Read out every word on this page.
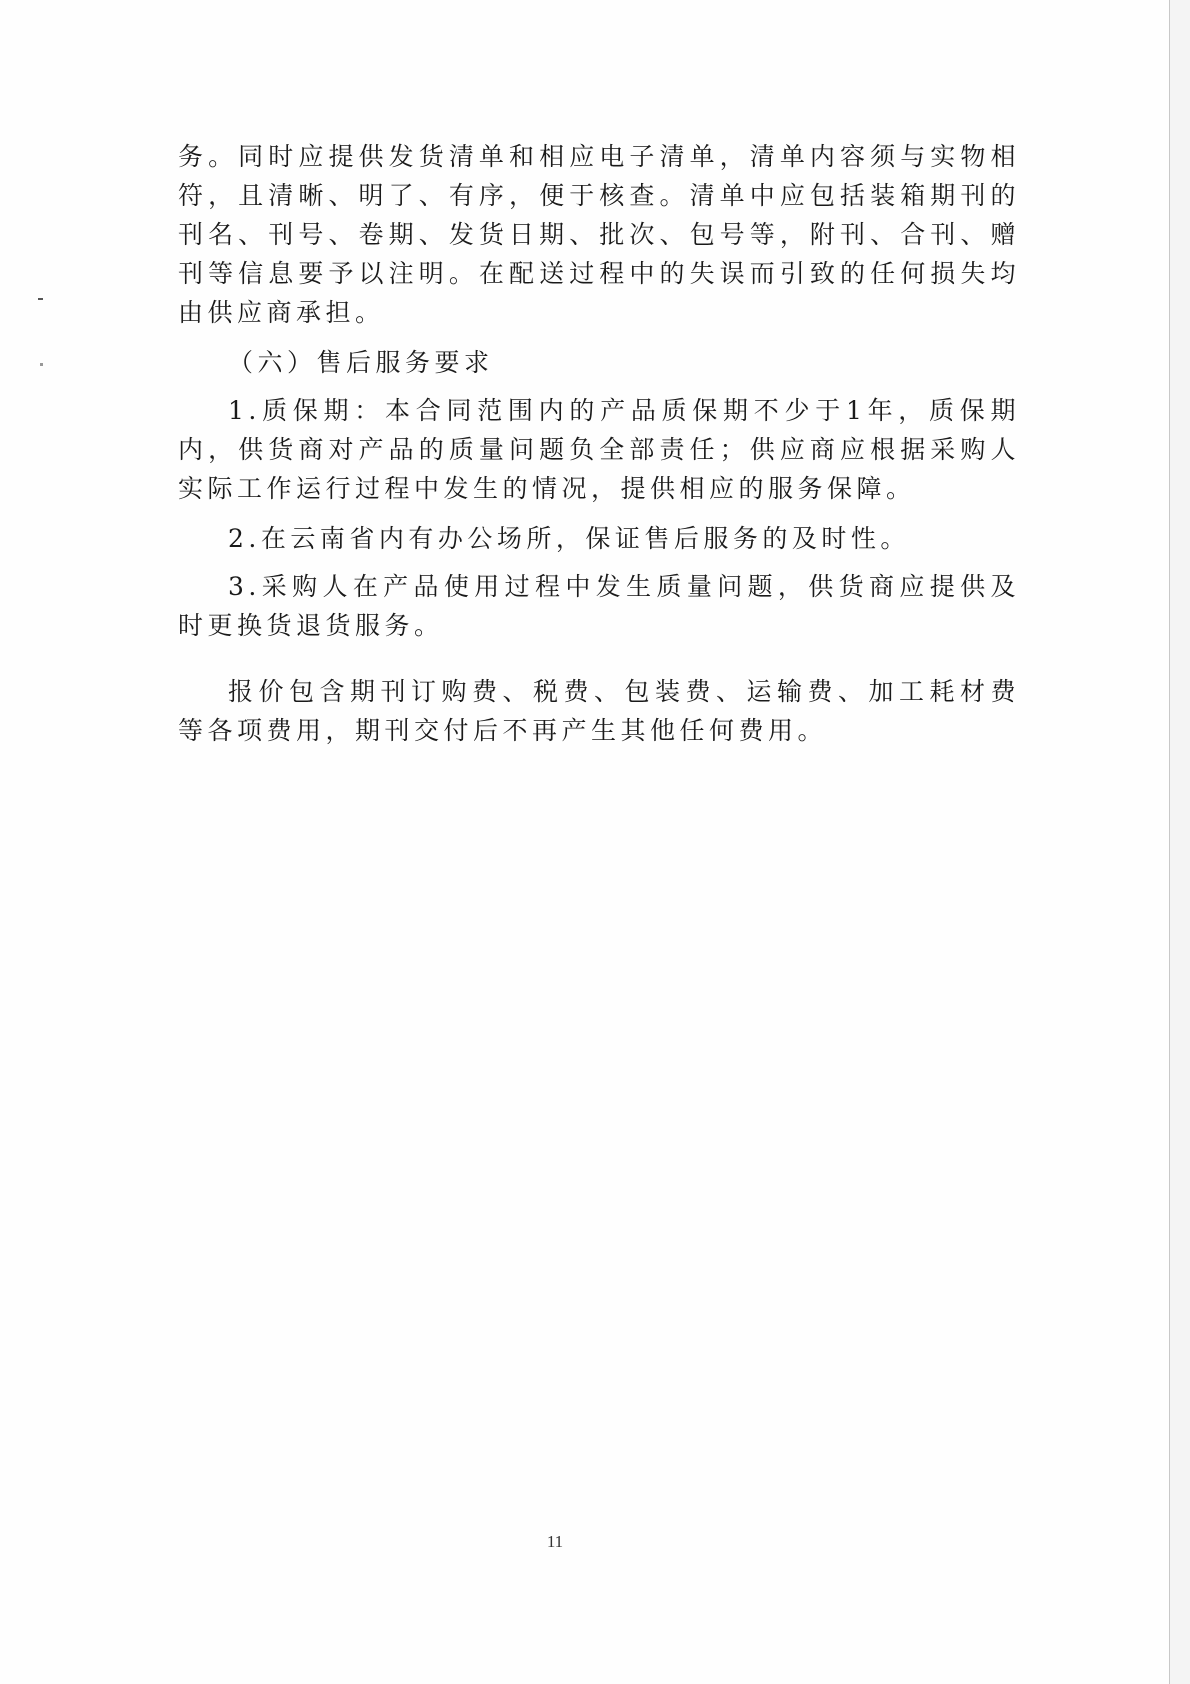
务。同时应提供发货清单和相应电子清单，清单内容须与实物相符，且清晰、明了、有序，便于核查。清单中应包括装箱期刊的刊名、刊号、卷期、发货日期、批次、包号等，附刊、合刊、赠刊等信息要予以注明。在配送过程中的失误而引致的任何损失均由供应商承担。

（六）售后服务要求

1.质保期：本合同范围内的产品质保期不少于1年，质保期内，供货商对产品的质量问题负全部责任；供应商应根据采购人实际工作运行过程中发生的情况，提供相应的服务保障。

2.在云南省内有办公场所，保证售后服务的及时性。

3.采购人在产品使用过程中发生质量问题，供货商应提供及时更换货退货服务。

报价包含期刊订购费、税费、包装费、运输费、加工耗材费等各项费用，期刊交付后不再产生其他任何费用。

11
